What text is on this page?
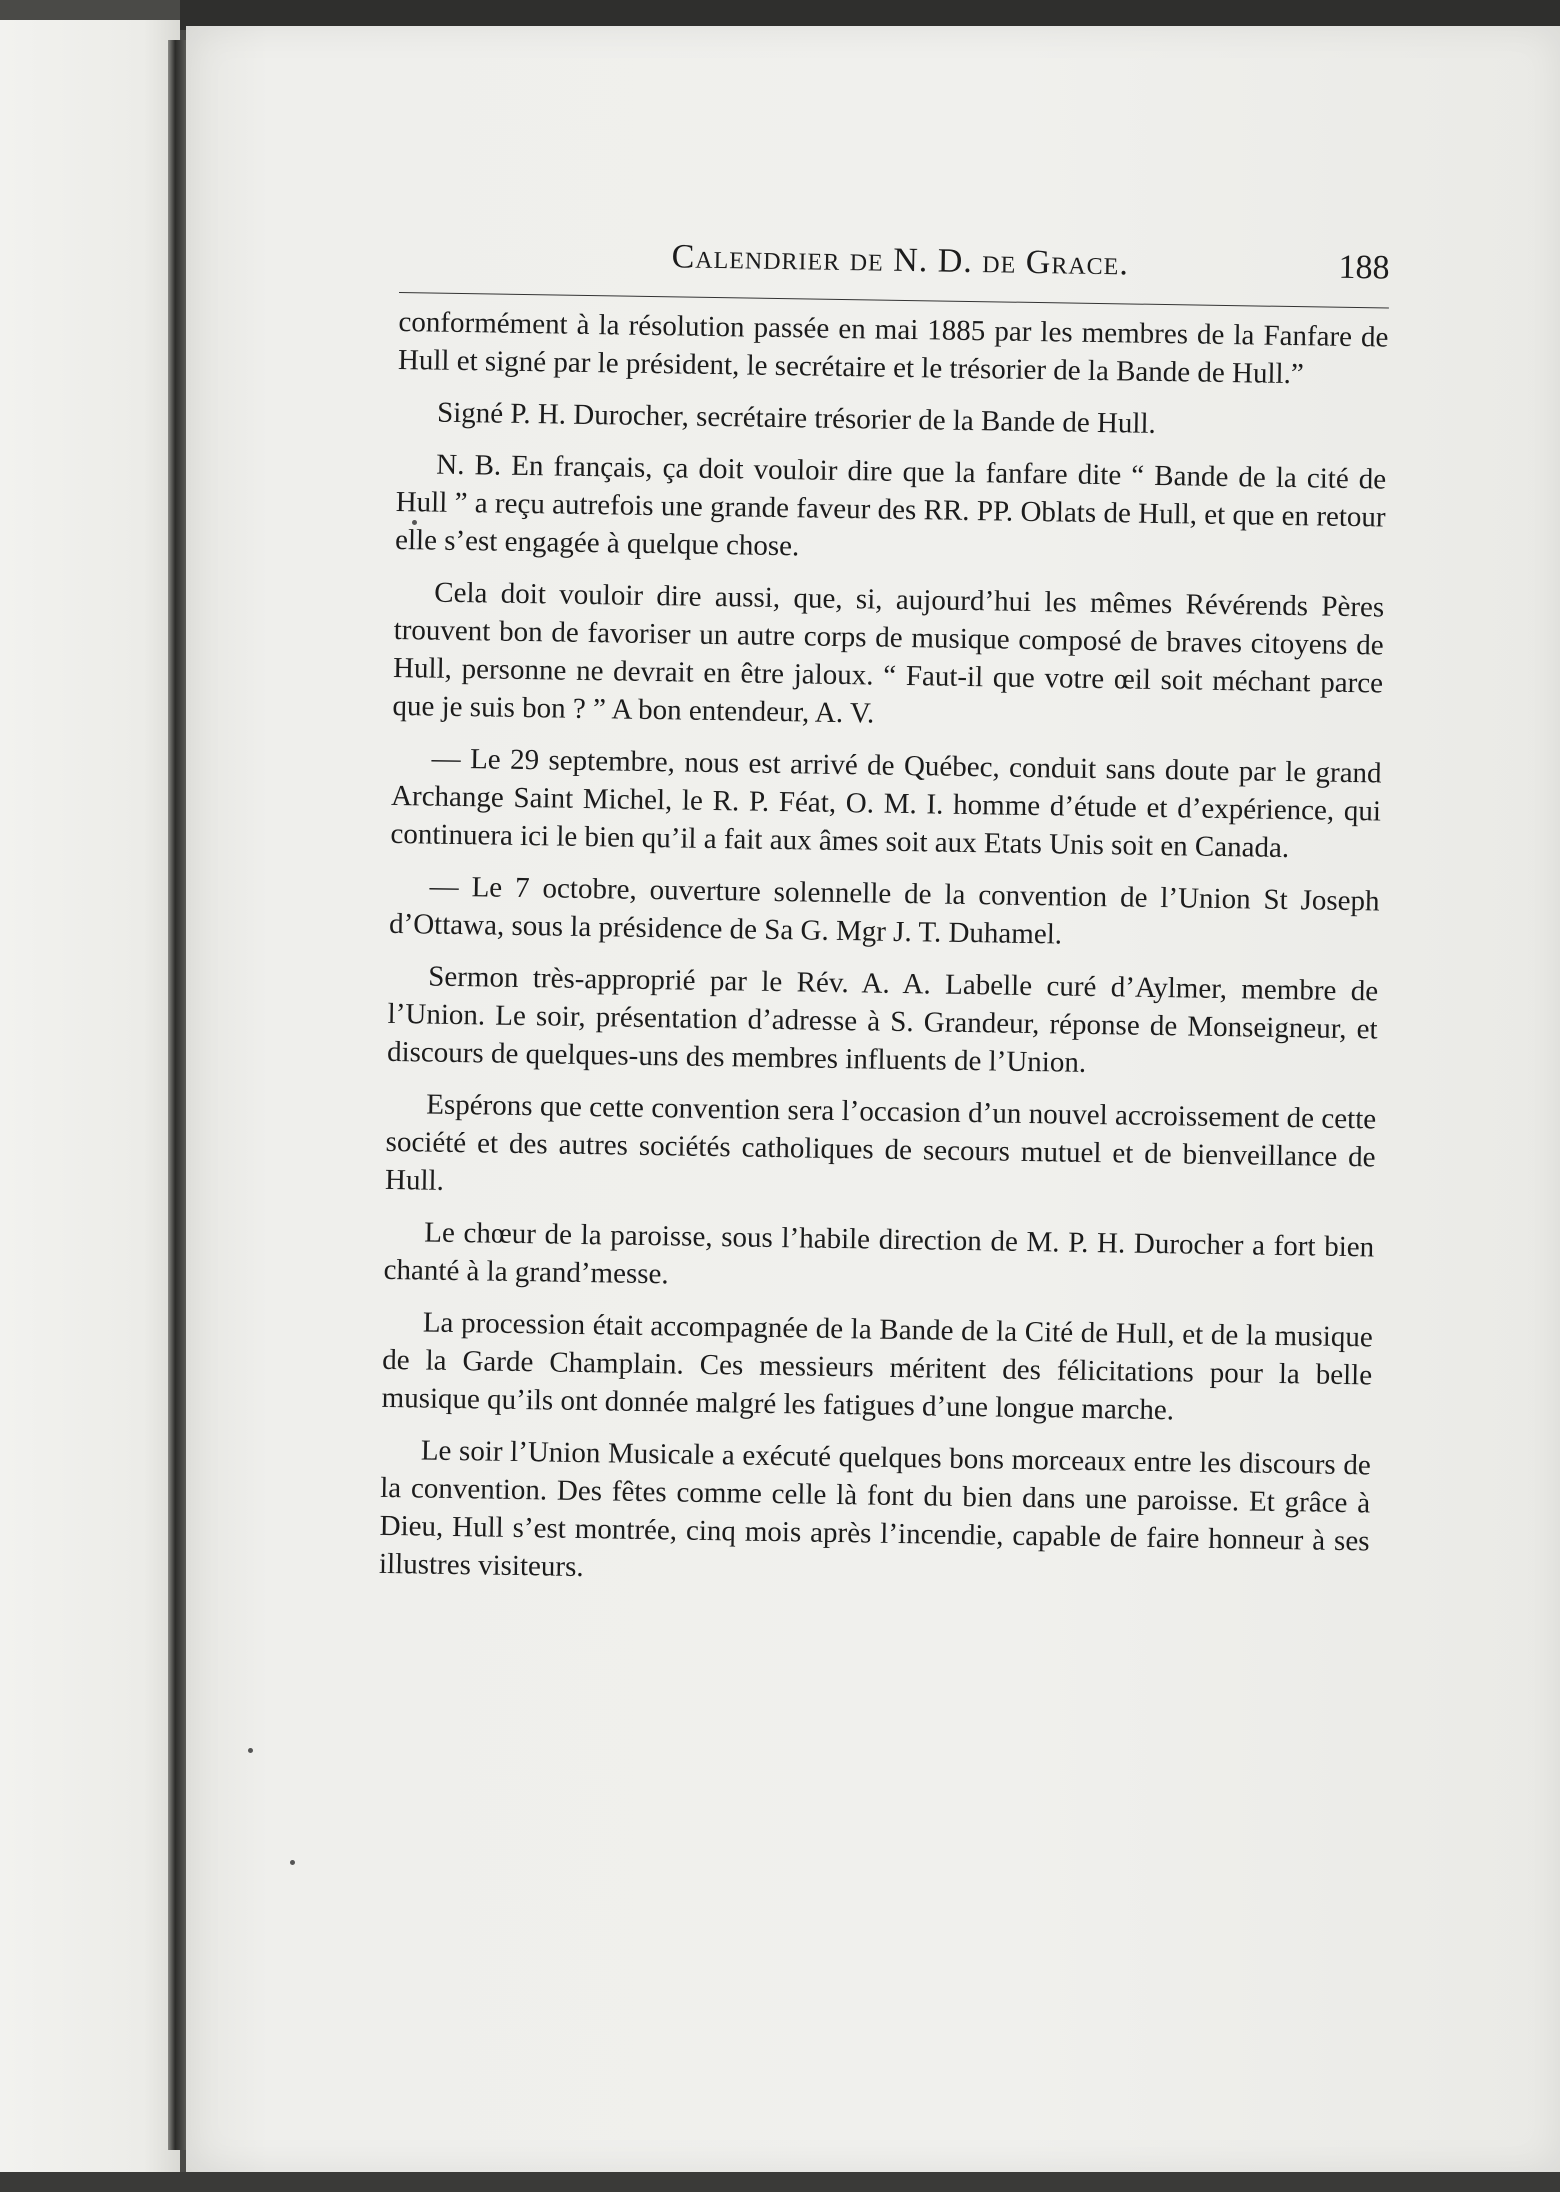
Calendrier de N. D. de Grace.	188

conformément à la résolution passée en mai 1885 par les membres de la Fanfare de Hull et signé par le président, le secrétaire et le trésorier de la Bande de Hull.”

Signé P. H. Durocher, secrétaire trésorier de la Bande de Hull.

N. B. En français, ça doit vouloir dire que la fanfare dite “ Bande de la cité de Hull ” a reçu autrefois une grande faveur des RR. PP. Oblats de Hull, et que en retour elle s’est engagée à quelque chose.

Cela doit vouloir dire aussi, que, si, aujourd’hui les mêmes Révérends Pères trouvent bon de favoriser un autre corps de musique composé de braves citoyens de Hull, personne ne devrait en être jaloux. “ Faut-il que votre œil soit méchant parce que je suis bon ? ” A bon entendeur, A. V.

— Le 29 septembre, nous est arrivé de Québec, conduit sans doute par le grand Archange Saint Michel, le R. P. Féat, O. M. I. homme d’étude et d’expérience, qui continuera ici le bien qu’il a fait aux âmes soit aux Etats Unis soit en Canada.

— Le 7 octobre, ouverture solennelle de la convention de l’Union St Joseph d’Ottawa, sous la présidence de Sa G. Mgr J. T. Duhamel.

Sermon très-approprié par le Rév. A. A. Labelle curé d’Aylmer, membre de l’Union. Le soir, présentation d’adresse à S. Grandeur, réponse de Monseigneur, et discours de quelques-uns des membres influents de l’Union.

Espérons que cette convention sera l’occasion d’un nouvel accroissement de cette société et des autres sociétés catholiques de secours mutuel et de bienveillance de Hull.

Le chœur de la paroisse, sous l’habile direction de M. P. H. Durocher a fort bien chanté à la grand’messe.

La procession était accompagnée de la Bande de la Cité de Hull, et de la musique de la Garde Champlain. Ces messieurs méritent des félicitations pour la belle musique qu’ils ont donnée malgré les fatigues d’une longue marche.

Le soir l’Union Musicale a exécuté quelques bons morceaux entre les discours de la convention. Des fêtes comme celle là font du bien dans une paroisse. Et grâce à Dieu, Hull s’est montrée, cinq mois après l’incendie, capable de faire honneur à ses illustres visiteurs.
